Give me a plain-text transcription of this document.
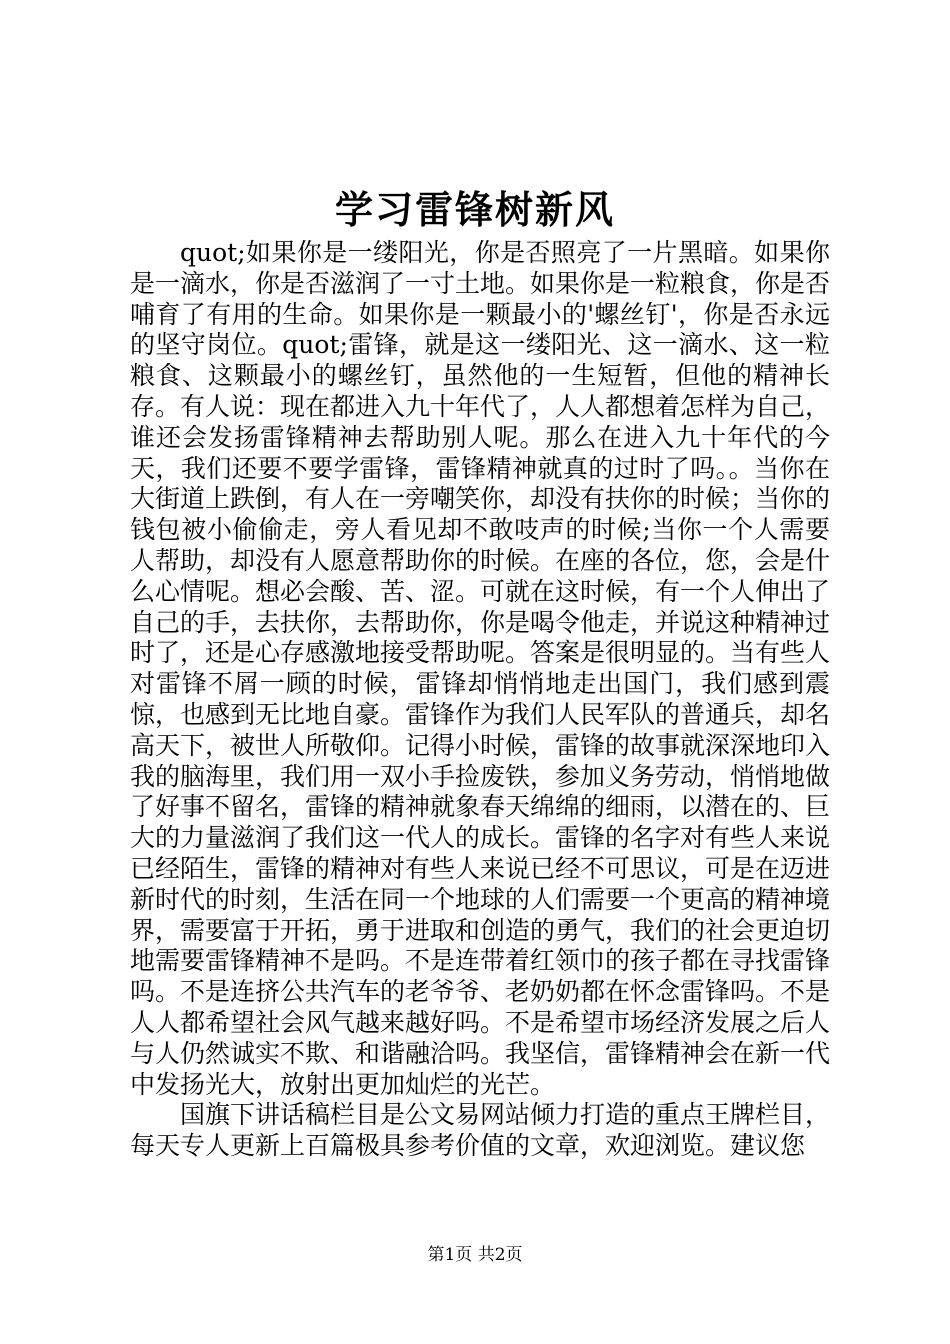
学习雷锋树新风

quot;如果你是一缕阳光，你是否照亮了一片黑暗。如果你是一滴水，你是否滋润了一寸土地。如果你是一粒粮食，你是否哺育了有用的生命。如果你是一颗最小的'螺丝钉'，你是否永远的坚守岗位。quot;雷锋，就是这一缕阳光、这一滴水、这一粒粮食、这颗最小的螺丝钉，虽然他的一生短暂，但他的精神长存。有人说：现在都进入九十年代了，人人都想着怎样为自己，谁还会发扬雷锋精神去帮助别人呢。那么在进入九十年代的今天，我们还要不要学雷锋，雷锋精神就真的过时了吗。。当你在大街道上跌倒，有人在一旁嘲笑你，却没有扶你的时候；当你的钱包被小偷偷走，旁人看见却不敢吱声的时候;当你一个人需要人帮助，却没有人愿意帮助你的时候。在座的各位，您，会是什么心情呢。想必会酸、苦、涩。可就在这时候，有一个人伸出了自己的手，去扶你，去帮助你，你是喝令他走，并说这种精神过时了，还是心存感激地接受帮助呢。答案是很明显的。当有些人对雷锋不屑一顾的时候，雷锋却悄悄地走出国门，我们感到震惊，也感到无比地自豪。雷锋作为我们人民军队的普通兵，却名高天下，被世人所敬仰。记得小时候，雷锋的故事就深深地印入我的脑海里，我们用一双小手捡废铁，参加义务劳动，悄悄地做了好事不留名，雷锋的精神就象春天绵绵的细雨，以潜在的、巨大的力量滋润了我们这一代人的成长。雷锋的名字对有些人来说已经陌生，雷锋的精神对有些人来说已经不可思议，可是在迈进新时代的时刻，生活在同一个地球的人们需要一个更高的精神境界，需要富于开拓，勇于进取和创造的勇气，我们的社会更迫切地需要雷锋精神不是吗。不是连带着红领巾的孩子都在寻找雷锋吗。不是连挤公共汽车的老爷爷、老奶奶都在怀念雷锋吗。不是人人都希望社会风气越来越好吗。不是希望市场经济发展之后人与人仍然诚实不欺、和谐融洽吗。我坚信，雷锋精神会在新一代中发扬光大，放射出更加灿烂的光芒。

国旗下讲话稿栏目是公文易网站倾力打造的重点王牌栏目，每天专人更新上百篇极具参考价值的文章，欢迎浏览。建议您

第1页 共2页
